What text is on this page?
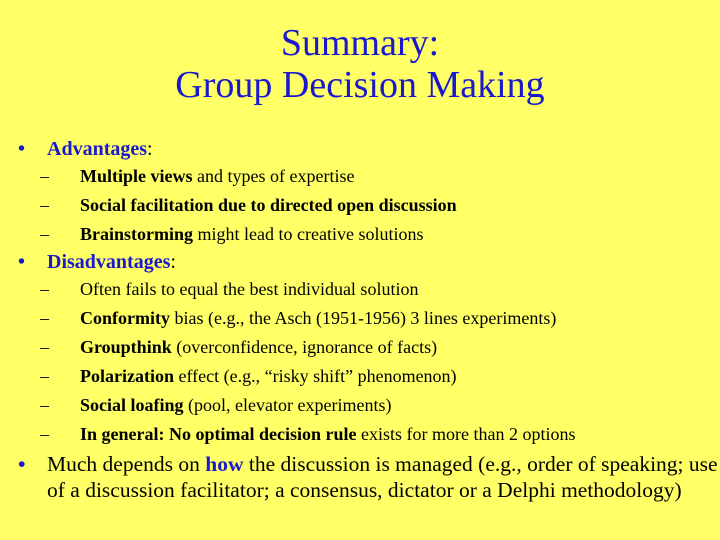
Summary:
Group Decision Making
• Advantages:
– Multiple views and types of expertise
– Social facilitation due to directed open discussion
– Brainstorming might lead to creative solutions
• Disadvantages:
– Often fails to equal the best individual solution
– Conformity bias (e.g., the Asch (1951-1956) 3 lines experiments)
– Groupthink (overconfidence, ignorance of facts)
– Polarization effect (e.g., “risky shift” phenomenon)
– Social loafing (pool, elevator experiments)
– In general: No optimal decision rule exists for more than 2 options
• Much depends on how the discussion is managed (e.g., order of speaking; use of a discussion facilitator; a consensus, dictator or a Delphi methodology)
